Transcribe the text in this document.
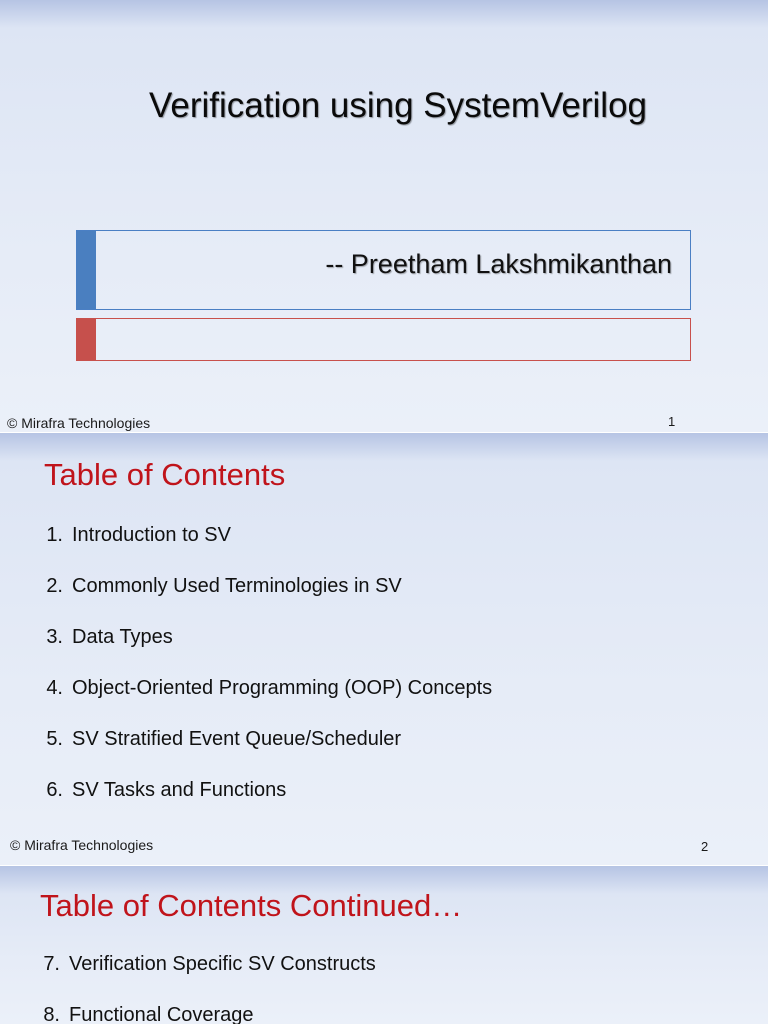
Verification using SystemVerilog
-- Preetham Lakshmikanthan
© Mirafra Technologies	1
Table of Contents
1. Introduction to SV
2. Commonly Used Terminologies in SV
3. Data Types
4. Object-Oriented Programming (OOP) Concepts
5. SV Stratified Event Queue/Scheduler
6. SV Tasks and Functions
© Mirafra Technologies	2
Table of Contents Continued…
7. Verification Specific SV Constructs
8. Functional Coverage
